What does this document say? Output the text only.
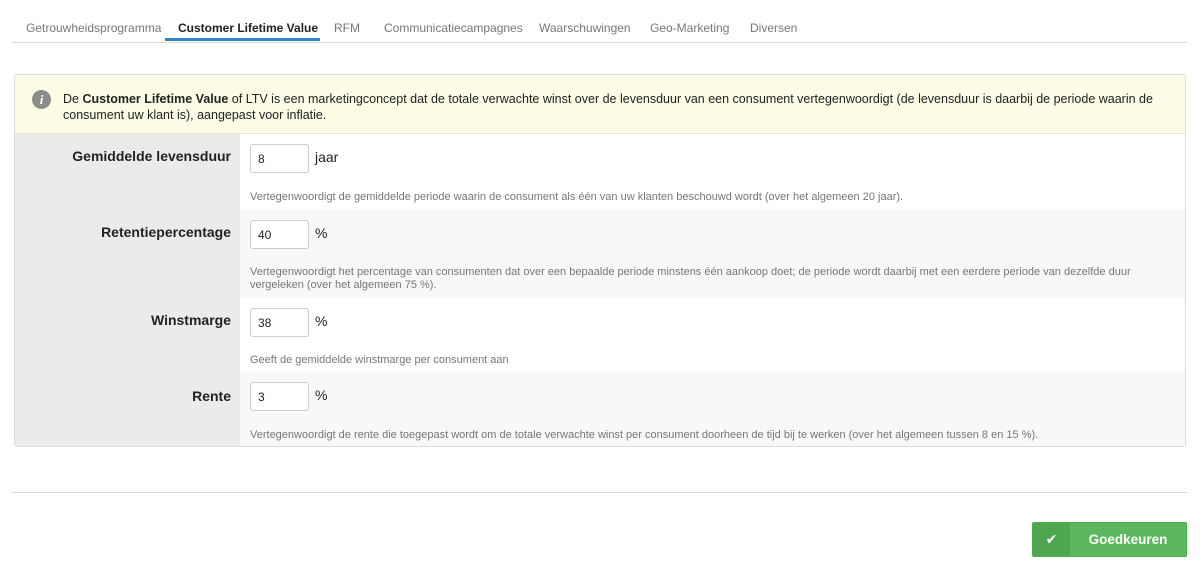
Getrouwheidsprogramma Customer Lifetime Value RFM Communicatiecampagnes Waarschuwingen Geo-Marketing Diversen
i	De Customer Lifetime Value of LTV is een marketingconcept dat de totale verwachte winst over de levensduur van een consument vertegenwoordigt (de levensduur is daarbij de periode waarin de consument uw klant is), aangepast voor inflatie.
Gemiddelde levensduur
8	jaar
Vertegenwoordigt de gemiddelde periode waarin de consument als één van uw klanten beschouwd wordt (over het algemeen 20 jaar).
Retentiepercentage
40	%
Vertegenwoordigt het percentage van consumenten dat over een bepaalde periode minstens één aankoop doet; de periode wordt daarbij met een eerdere periode van dezelfde duur vergeleken (over het algemeen 75 %).
Winstmarge
38	%
Geeft de gemiddelde winstmarge per consument aan
Rente
3	%
Vertegenwoordigt de rente die toegepast wordt om de totale verwachte winst per consument doorheen de tijd bij te werken (over het algemeen tussen 8 en 15 %).
✔	Goedkeuren
